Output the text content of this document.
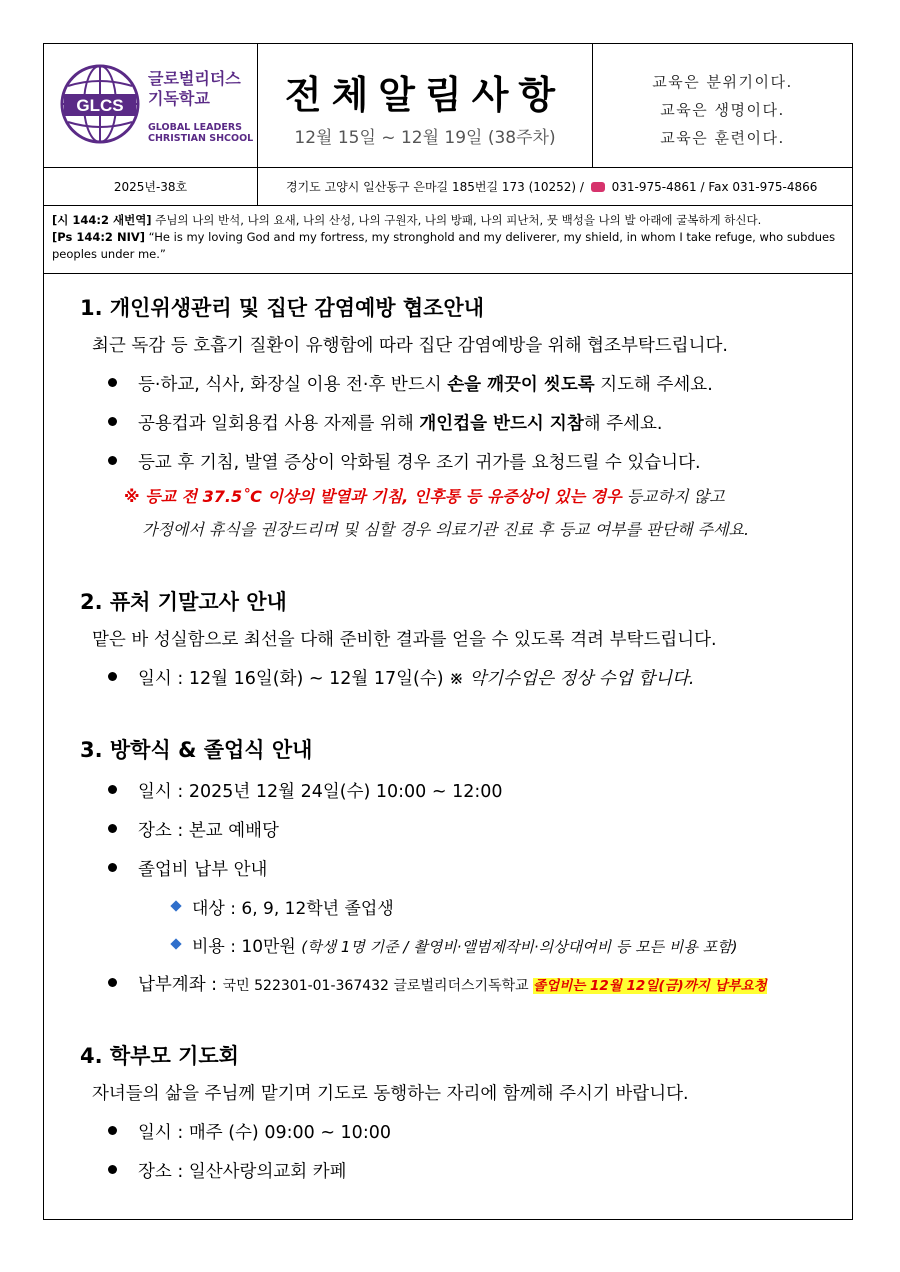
GLCS
글로벌리더스
기독학교
GLOBAL LEADERS
CHRISTIAN SHCOOL
전체알림사항
12월 15일 ~ 12월 19일 (38주차)
교육은 분위기이다.
교육은 생명이다.
교육은 훈련이다.
2025년-38호	경기도 고양시 일산동구 은마길 185번길 173 (10252) / 031-975-4861 / Fax 031-975-4866
[시 144:2 새번역] 주님의 나의 반석, 나의 요새, 나의 산성, 나의 구원자, 나의 방패, 나의 피난처, 뭇 백성을 나의 발 아래에 굴복하게 하신다.
[Ps 144:2 NIV] “He is my loving God and my fortress, my stronghold and my deliverer, my shield, in whom I take refuge, who subdues peoples under me.”
1. 개인위생관리 및 집단 감염예방 협조안내
최근 독감 등 호흡기 질환이 유행함에 따라 집단 감염예방을 위해 협조부탁드립니다.
등·하교, 식사, 화장실 이용 전·후 반드시 손을 깨끗이 씻도록 지도해 주세요.
공용컵과 일회용컵 사용 자제를 위해 개인컵을 반드시 지참해 주세요.
등교 후 기침, 발열 증상이 악화될 경우 조기 귀가를 요청드릴 수 있습니다.
※ 등교 전 37.5˚C 이상의 발열과 기침, 인후통 등 유증상이 있는 경우 등교하지 않고
가정에서 휴식을 권장드리며 및 심할 경우 의료기관 진료 후 등교 여부를 판단해 주세요.
2. 퓨처 기말고사 안내
맡은 바 성실함으로 최선을 다해 준비한 결과를 얻을 수 있도록 격려 부탁드립니다.
일시 : 12월 16일(화) ~ 12월 17일(수) ※ 악기수업은 정상 수업 합니다.
3. 방학식 & 졸업식 안내
일시 : 2025년 12월 24일(수) 10:00 ~ 12:00
장소 : 본교 예배당
졸업비 납부 안내
대상 : 6, 9, 12학년 졸업생
비용 : 10만원 (학생 1명 기준 / 촬영비·앨범제작비·의상대여비 등 모든 비용 포함)
납부계좌 : 국민 522301-01-367432 글로벌리더스기독학교 졸업비는 12월 12일(금)까지 납부요청
4. 학부모 기도회
자녀들의 삶을 주님께 맡기며 기도로 동행하는 자리에 함께해 주시기 바랍니다.
일시 : 매주 (수) 09:00 ~ 10:00
장소 : 일산사랑의교회 카페
